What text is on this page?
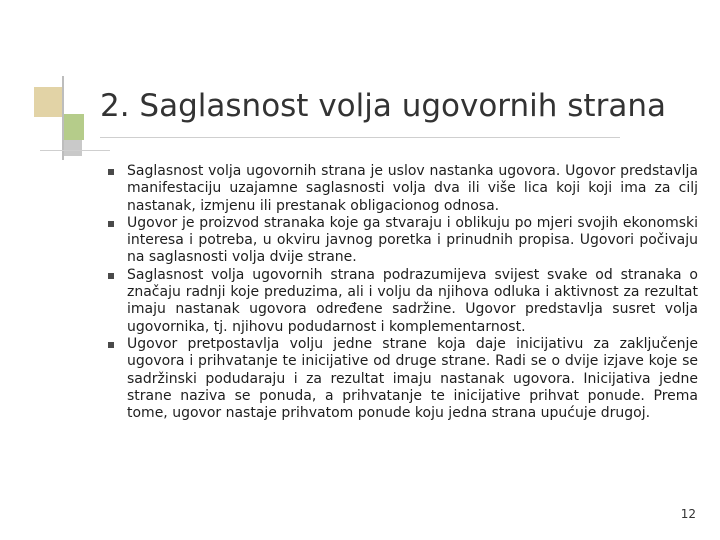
2. Saglasnost volja ugovornih strana
Saglasnost volja ugovornih strana je uslov nastanka ugovora. Ugovor predstavlja manifestaciju uzajamne saglasnosti volja dva ili više lica koji koji ima za cilj nastanak, izmjenu ili prestanak obligacionog odnosa.
Ugovor je proizvod stranaka koje ga stvaraju i oblikuju po mjeri svojih ekonomski interesa i potreba, u okviru javnog poretka i prinudnih propisa. Ugovori počivaju na saglasnosti volja dvije strane.
Saglasnost volja ugovornih strana podrazumijeva svijest svake od stranaka o značaju radnji koje preduzima, ali i volju da njihova odluka i aktivnost za rezultat imaju nastanak ugovora određene sadržine. Ugovor predstavlja susret volja ugovornika, tj. njihovu podudarnost i komplementarnost.
Ugovor pretpostavlja volju jedne strane koja daje inicijativu za zaključenje ugovora i prihvatanje te inicijative od druge strane. Radi se o dvije izjave koje se sadržinski podudaraju i za rezultat imaju nastanak ugovora. Inicijativa jedne strane naziva se ponuda, a prihvatanje te inicijative prihvat ponude. Prema tome, ugovor nastaje prihvatom ponude koju jedna strana upućuje drugoj.
12
